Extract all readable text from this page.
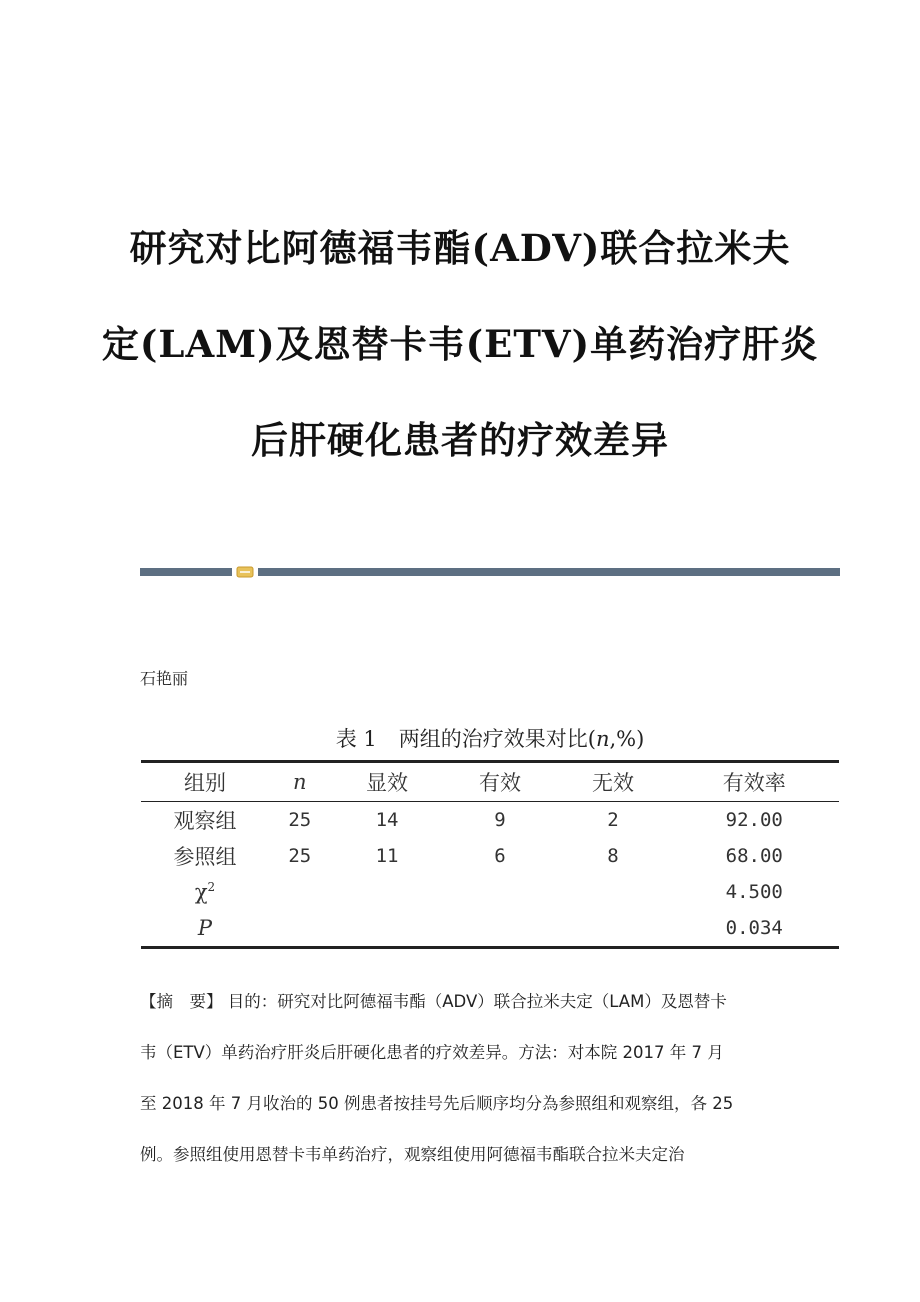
研究对比阿德福韦酯(ADV)联合拉米夫
定(LAM)及恩替卡韦(ETV)单药治疗肝炎
后肝硬化患者的疗效差异
石艳丽
表 1 两组的治疗效果对比(n,%)
组别	n	显效	有效	无效	有效率
观察组	25	14	9	2	92.00
参照组	25	11	6	8	68.00
$\chi^2$					4.500
P					0.034

【摘　要】 目的：研究对比阿德福韦酯（ADV）联合拉米夫定（LAM）及恩替卡

韦（ETV）单药治疗肝炎后肝硬化患者的疗效差异。方法：对本院 2017 年 7 月

至 2018 年 7 月收治的 50 例患者按挂号先后顺序均分為参照组和观察组，各 25

例。参照组使用恩替卡韦单药治疗，观察组使用阿德福韦酯联合拉米夫定治
